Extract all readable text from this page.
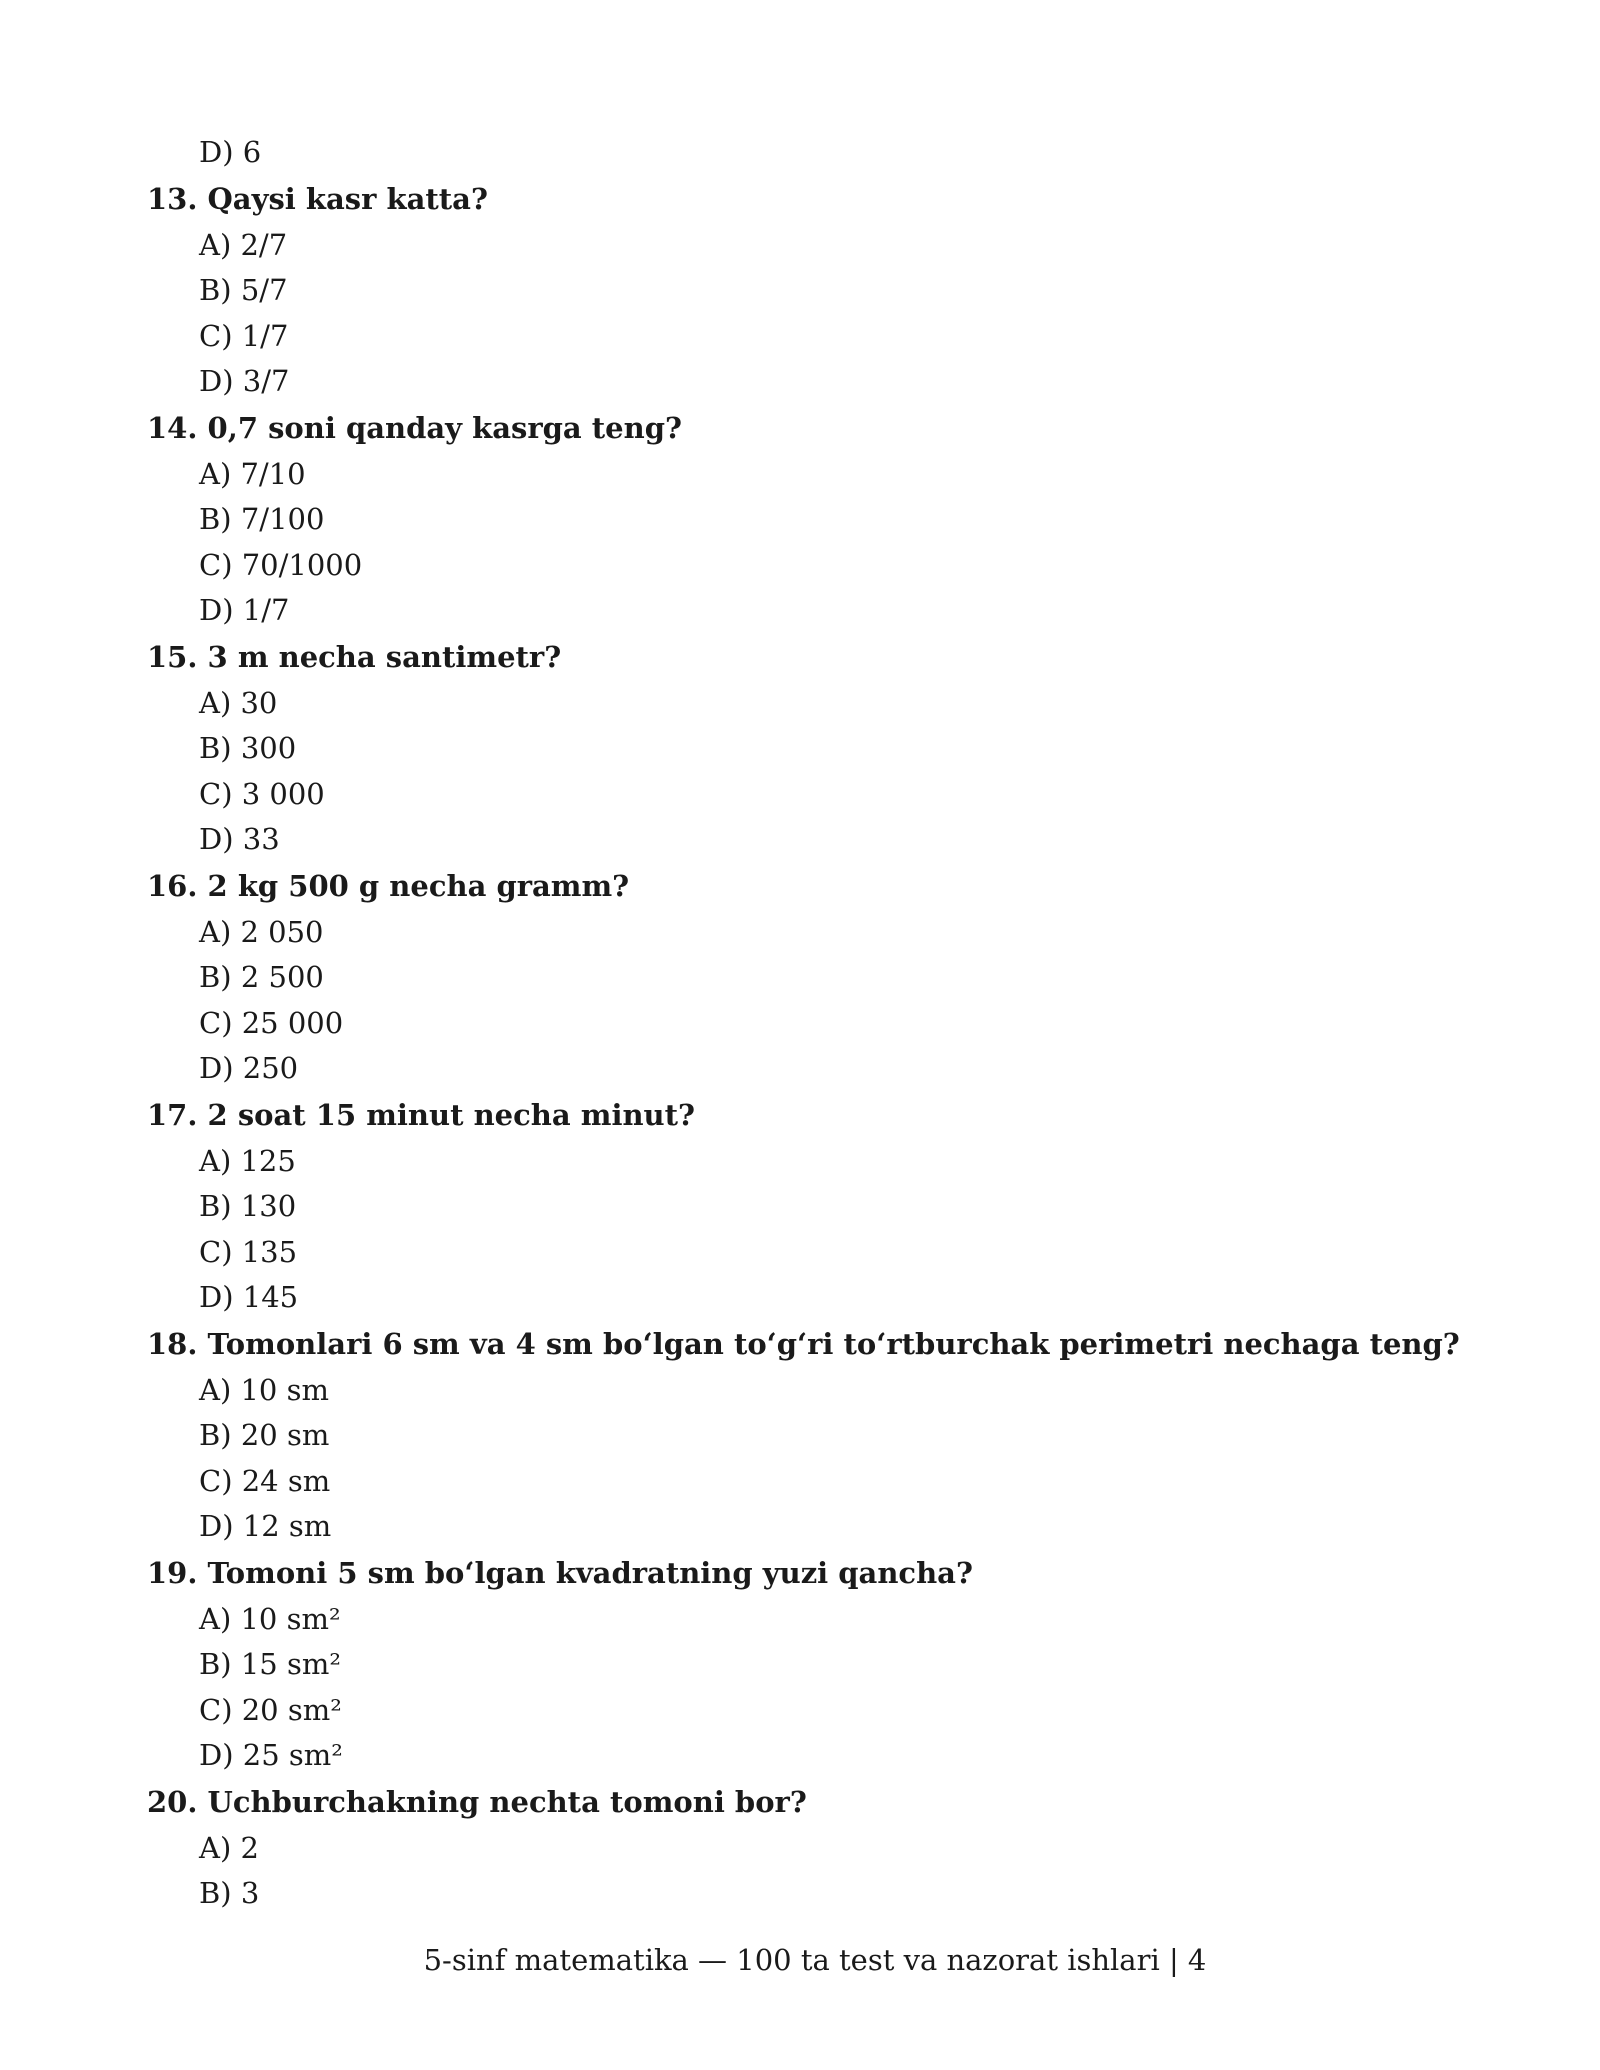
D) 6
13. Qaysi kasr katta?
A) 2/7
B) 5/7
C) 1/7
D) 3/7
14. 0,7 soni qanday kasrga teng?
A) 7/10
B) 7/100
C) 70/1000
D) 1/7
15. 3 m necha santimetr?
A) 30
B) 300
C) 3 000
D) 33
16. 2 kg 500 g necha gramm?
A) 2 050
B) 2 500
C) 25 000
D) 250
17. 2 soat 15 minut necha minut?
A) 125
B) 130
C) 135
D) 145
18. Tomonlari 6 sm va 4 sm bo‘lgan to‘g‘ri to‘rtburchak perimetri nechaga teng?
A) 10 sm
B) 20 sm
C) 24 sm
D) 12 sm
19. Tomoni 5 sm bo‘lgan kvadratning yuzi qancha?
A) 10 sm²
B) 15 sm²
C) 20 sm²
D) 25 sm²
20. Uchburchakning nechta tomoni bor?
A) 2
B) 3
5-sinf matematika — 100 ta test va nazorat ishlari | 4
